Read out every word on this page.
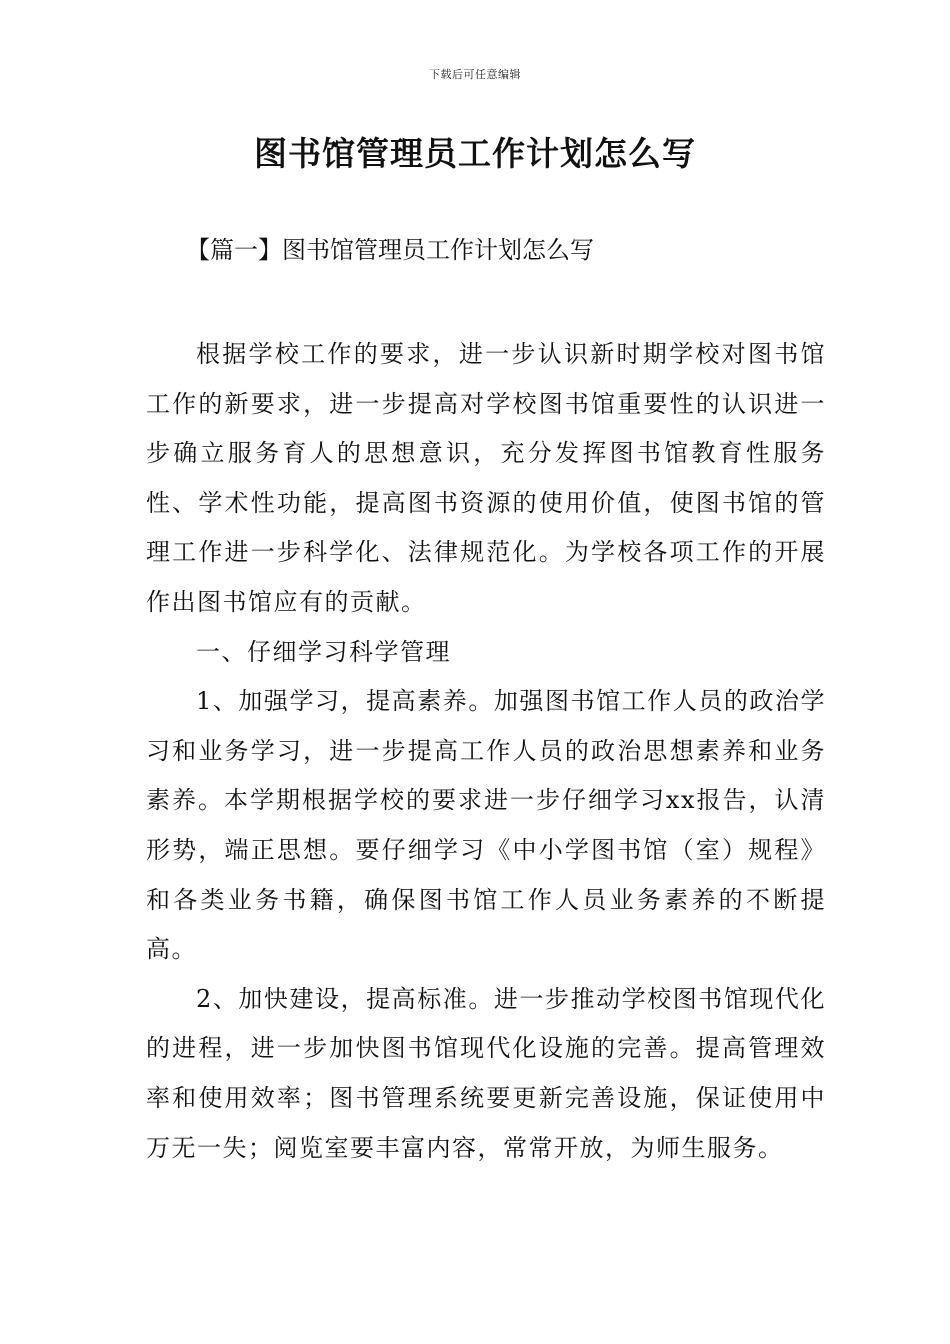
下载后可任意编辑
图书馆管理员工作计划怎么写
【篇一】图书馆管理员工作计划怎么写

根据学校工作的要求，进一步认识新时期学校对图书馆工作的新要求，进一步提高对学校图书馆重要性的认识进一步确立服务育人的思想意识，充分发挥图书馆教育性服务性、学术性功能，提高图书资源的使用价值，使图书馆的管理工作进一步科学化、法律规范化。为学校各项工作的开展作出图书馆应有的贡献。

一、仔细学习科学管理

1、加强学习，提高素养。加强图书馆工作人员的政治学习和业务学习，进一步提高工作人员的政治思想素养和业务素养。本学期根据学校的要求进一步仔细学习xx报告，认清形势，端正思想。要仔细学习《中小学图书馆（室）规程》和各类业务书籍，确保图书馆工作人员业务素养的不断提高。

2、加快建设，提高标准。进一步推动学校图书馆现代化的进程，进一步加快图书馆现代化设施的完善。提高管理效率和使用效率；图书管理系统要更新完善设施，保证使用中万无一失；阅览室要丰富内容，常常开放，为师生服务。
